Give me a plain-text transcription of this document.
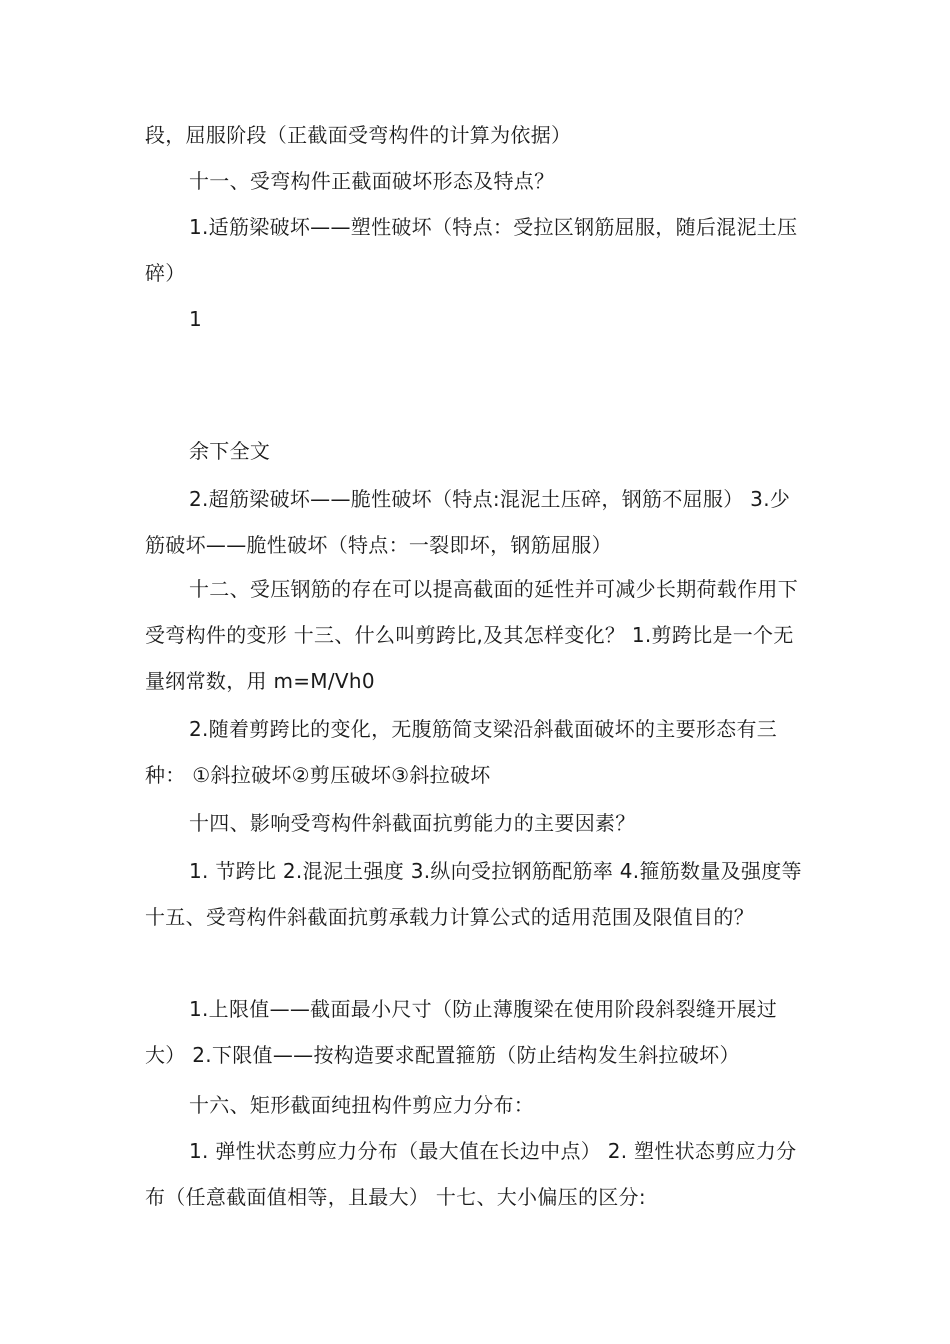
段，屈服阶段（正截面受弯构件的计算为依据）

十一、受弯构件正截面破坏形态及特点？

1.适筋梁破坏——塑性破坏（特点：受拉区钢筋屈服，随后混泥土压碎）

1

余下全文

2.超筋梁破坏——脆性破坏（特点:混泥土压碎，钢筋不屈服） 3.少筋破坏——脆性破坏（特点：一裂即坏，钢筋屈服）

十二、受压钢筋的存在可以提高截面的延性并可减少长期荷载作用下受弯构件的变形 十三、什么叫剪跨比,及其怎样变化？ 1.剪跨比是一个无量纲常数，用 m=M/Vh0

2.随着剪跨比的变化，无腹筋简支梁沿斜截面破坏的主要形态有三种： ①斜拉破坏②剪压破坏③斜拉破坏

十四、影响受弯构件斜截面抗剪能力的主要因素？

1. 节跨比 2.混泥土强度 3.纵向受拉钢筋配筋率 4.箍筋数量及强度等 十五、受弯构件斜截面抗剪承载力计算公式的适用范围及限值目的？

1.上限值——截面最小尺寸（防止薄腹梁在使用阶段斜裂缝开展过大） 2.下限值——按构造要求配置箍筋（防止结构发生斜拉破坏）

十六、矩形截面纯扭构件剪应力分布：

1. 弹性状态剪应力分布（最大值在长边中点） 2. 塑性状态剪应力分布（任意截面值相等，且最大） 十七、大小偏压的区分:
